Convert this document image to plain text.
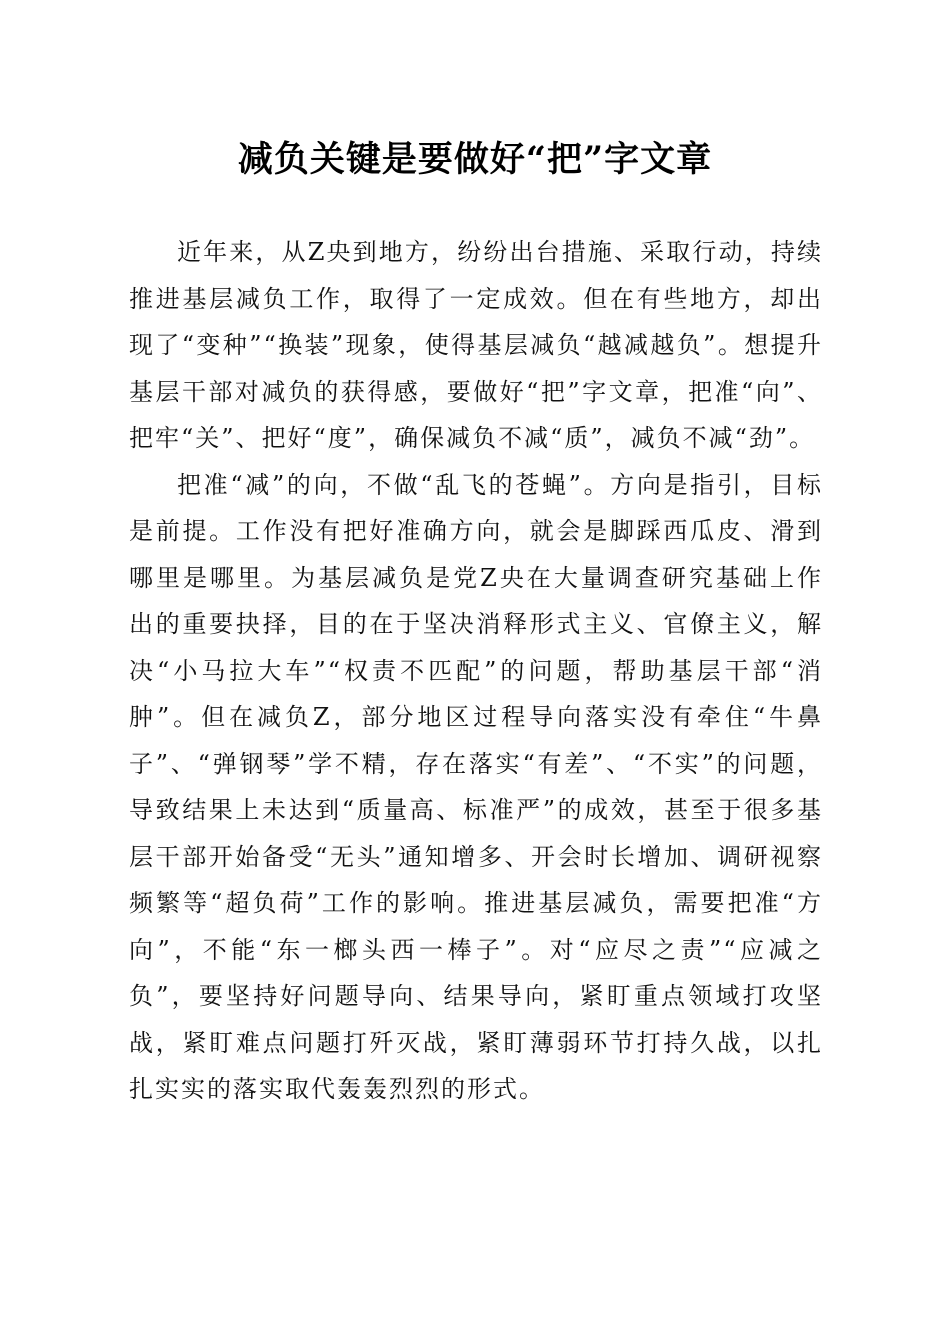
减负关键是要做好“把”字文章

近年来，从Z央到地方，纷纷出台措施、采取行动，持续推进基层减负工作，取得了一定成效。但在有些地方，却出现了“变种”“换装”现象，使得基层减负“越减越负”。想提升基层干部对减负的获得感，要做好“把”字文章，把准“向”、把牢“关”、把好“度”，确保减负不减“质”，减负不减“劲”。

把准“减”的向，不做“乱飞的苍蝇”。方向是指引，目标是前提。工作没有把好准确方向，就会是脚踩西瓜皮、滑到哪里是哪里。为基层减负是党Z央在大量调查研究基础上作出的重要抉择，目的在于坚决消释形式主义、官僚主义，解决“小马拉大车”“权责不匹配”的问题，帮助基层干部“消肿”。但在减负Z，部分地区过程导向落实没有牵住“牛鼻子”、“弹钢琴”学不精，存在落实“有差”、“不实”的问题，导致结果上未达到“质量高、标准严”的成效，甚至于很多基层干部开始备受“无头”通知增多、开会时长增加、调研视察频繁等“超负荷”工作的影响。推进基层减负，需要把准“方向”，不能“东一榔头西一棒子”。对“应尽之责”“应减之负”，要坚持好问题导向、结果导向，紧盯重点领域打攻坚战，紧盯难点问题打歼灭战，紧盯薄弱环节打持久战，以扎扎实实的落实取代轰轰烈烈的形式。
